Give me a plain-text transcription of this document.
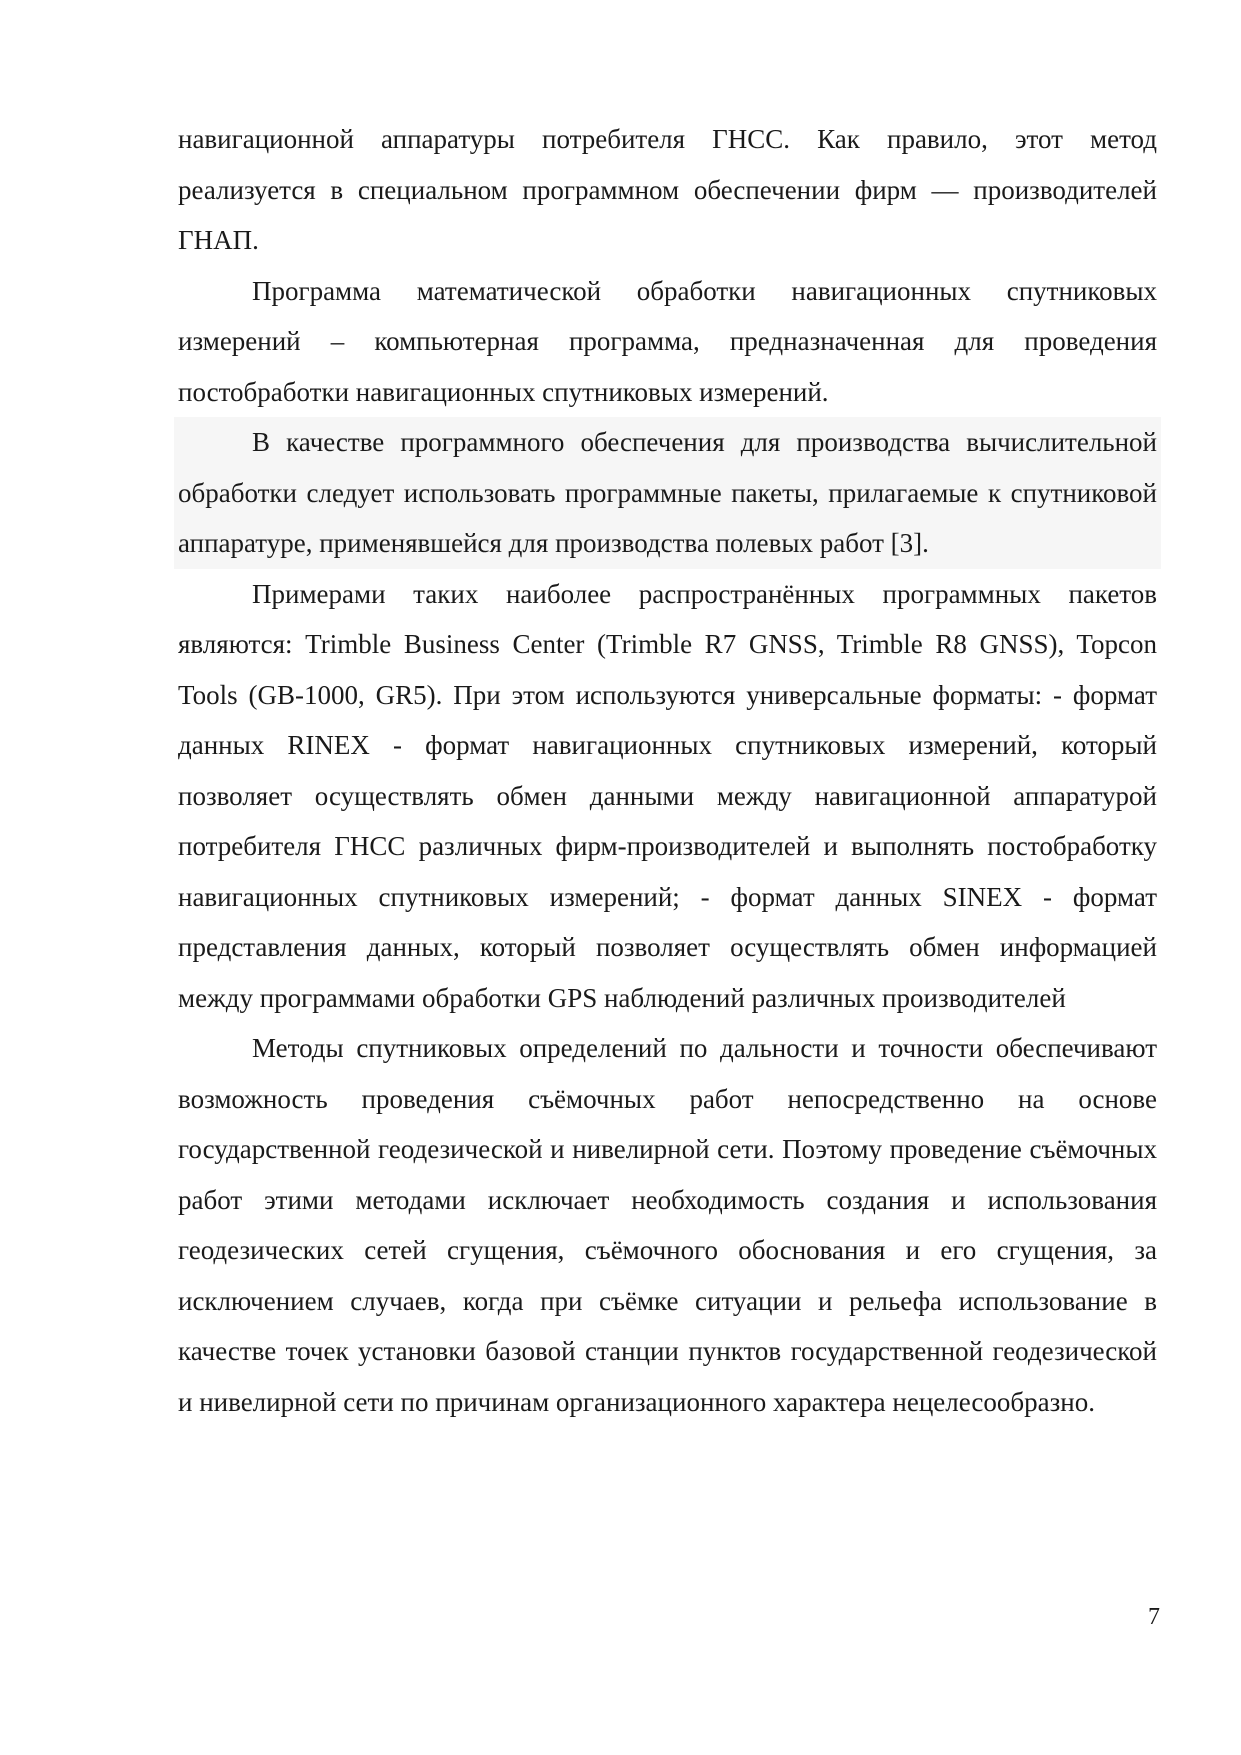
навигационной аппаратуры потребителя ГНСС. Как правило, этот метод реализуется в специальном программном обеспечении фирм — производителей ГНАП.

Программа математической обработки навигационных спутниковых измерений – компьютерная программа, предназначенная для проведения постобработки навигационных спутниковых измерений.

В качестве программного обеспечения для производства вычислительной обработки следует использовать программные пакеты, прилагаемые к спутниковой аппаратуре, применявшейся для производства полевых работ [3].

Примерами таких наиболее распространённых программных пакетов являются: Trimble Business Center (Trimble R7 GNSS, Trimble R8 GNSS), Topcon Tools (GB-1000, GR5). При этом используются универсальные форматы: - формат данных RINEX - формат навигационных спутниковых измерений, который позволяет осуществлять обмен данными между навигационной аппаратурой потребителя ГНСС различных фирм-производителей и выполнять постобработку навигационных спутниковых измерений; - формат данных SINEX - формат представления данных, который позволяет осуществлять обмен информацией между программами обработки GPS наблюдений различных производителей

Методы спутниковых определений по дальности и точности обеспечивают возможность проведения съёмочных работ непосредственно на основе государственной геодезической и нивелирной сети. Поэтому проведение съёмочных работ этими методами исключает необходимость создания и использования геодезических сетей сгущения, съёмочного обоснования и его сгущения, за исключением случаев, когда при съёмке ситуации и рельефа использование в качестве точек установки базовой станции пунктов государственной геодезической и нивелирной сети по причинам организационного характера нецелесообразно.

7
